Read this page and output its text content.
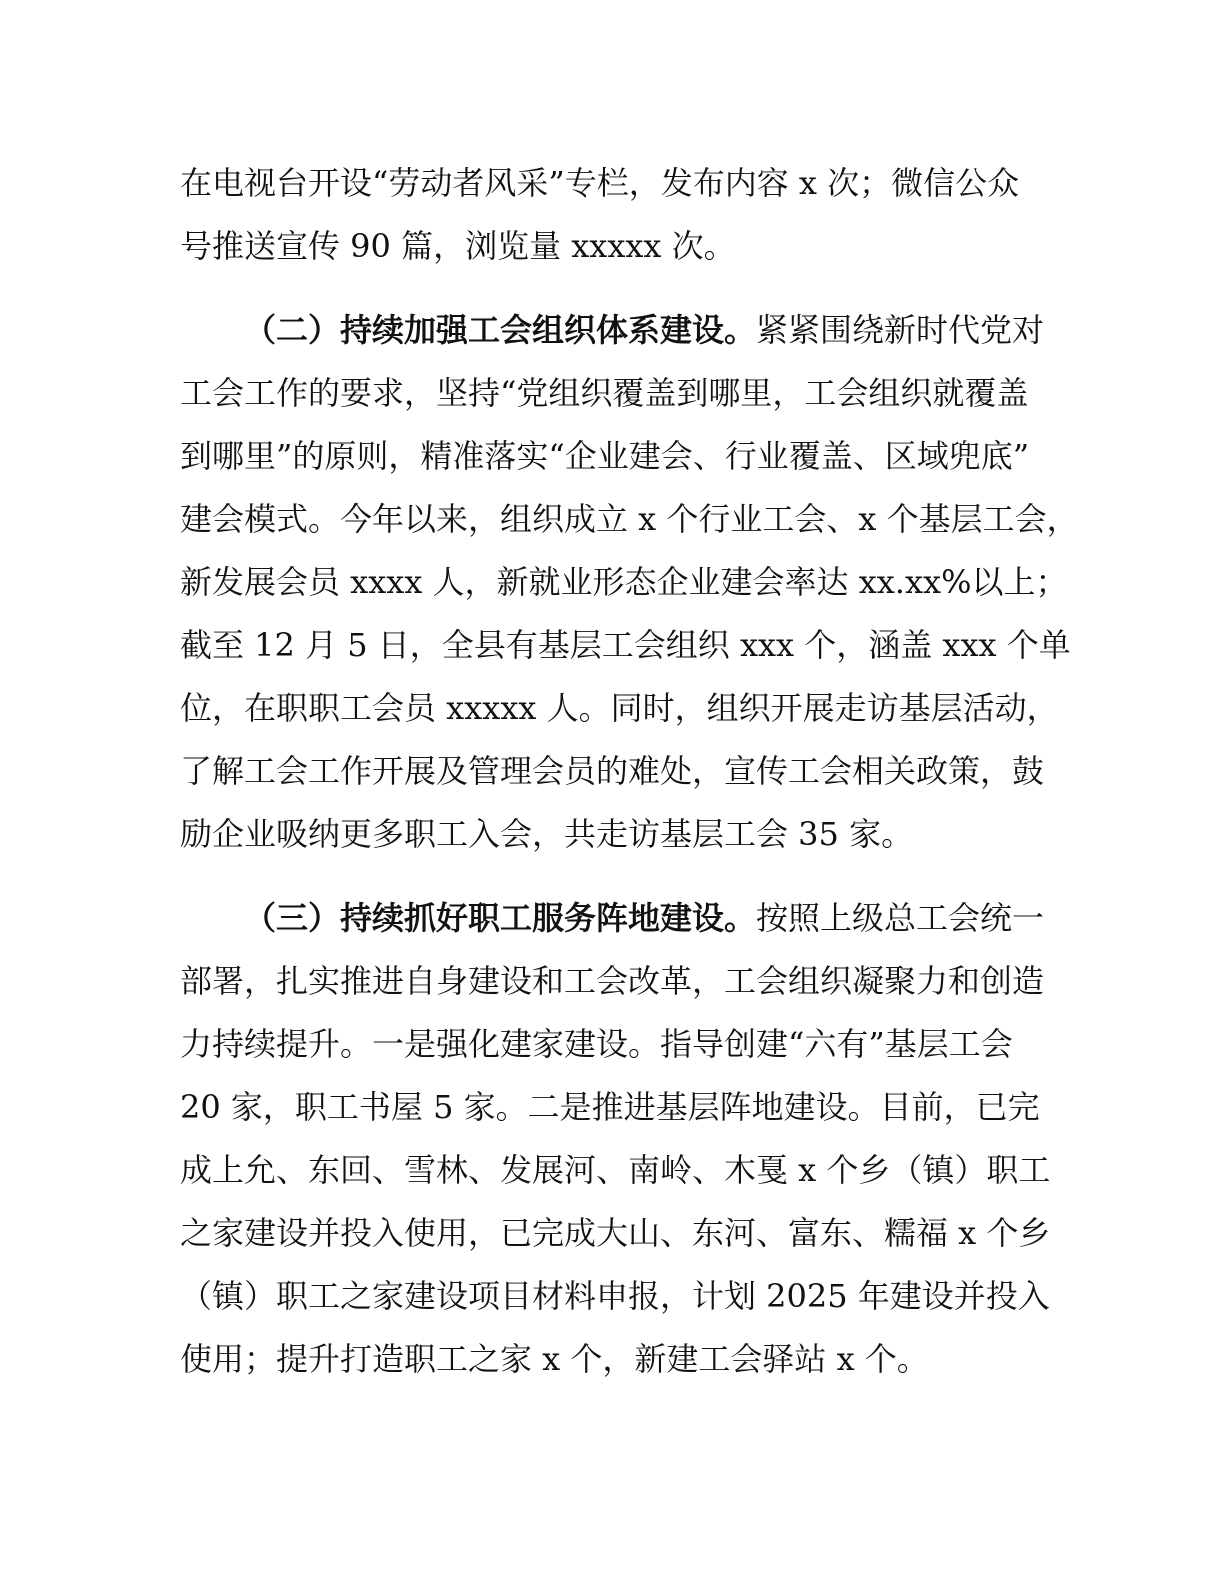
在电视台开设“劳动者风采”专栏，发布内容 x 次；微信公众
号推送宣传 90 篇，浏览量 xxxxx 次。
（二）持续加强工会组织体系建设。紧紧围绕新时代党对
工会工作的要求，坚持“党组织覆盖到哪里，工会组织就覆盖
到哪里”的原则，精准落实“企业建会、行业覆盖、区域兜底”
建会模式。今年以来，组织成立 x 个行业工会、x 个基层工会，
新发展会员 xxxx 人，新就业形态企业建会率达 xx.xx%以上；
截至 12 月 5 日，全县有基层工会组织 xxx 个，涵盖 xxx 个单
位，在职职工会员 xxxxx 人。同时，组织开展走访基层活动，
了解工会工作开展及管理会员的难处，宣传工会相关政策，鼓
励企业吸纳更多职工入会，共走访基层工会 35 家。
（三）持续抓好职工服务阵地建设。按照上级总工会统一
部署，扎实推进自身建设和工会改革，工会组织凝聚力和创造
力持续提升。一是强化建家建设。指导创建“六有”基层工会
20 家，职工书屋 5 家。二是推进基层阵地建设。目前，已完
成上允、东回、雪林、发展河、南岭、木戛 x 个乡（镇）职工
之家建设并投入使用，已完成大山、东河、富东、糯福 x 个乡
（镇）职工之家建设项目材料申报，计划 2025 年建设并投入
使用；提升打造职工之家 x 个，新建工会驿站 x 个。
